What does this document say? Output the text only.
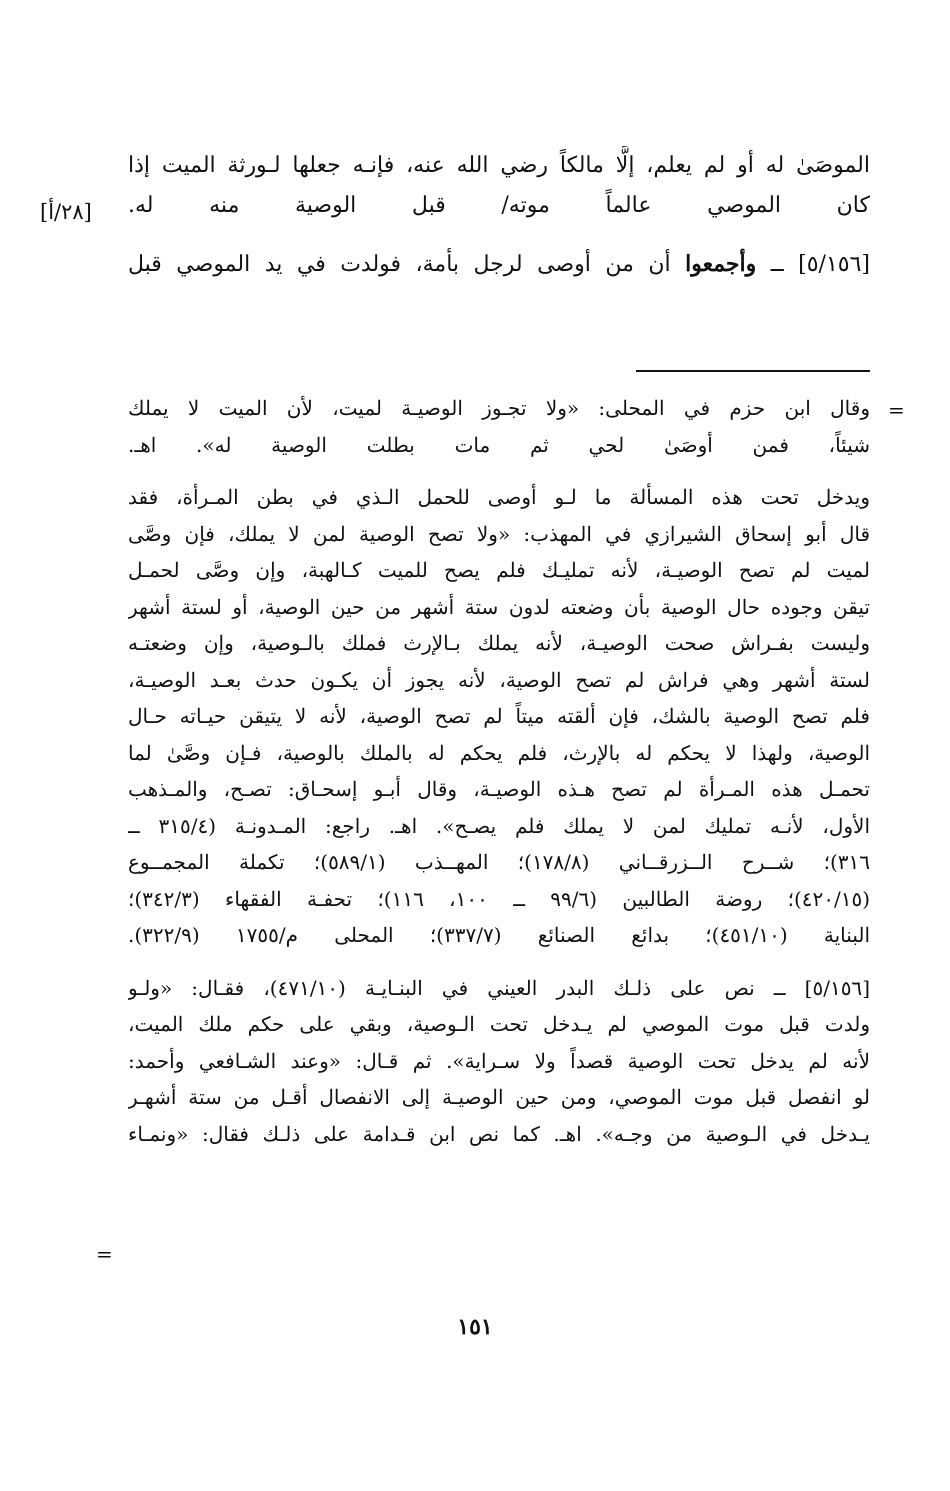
[٢٨/أ]
الموصَىٰ له أو لم يعلم، إلَّا مالكاً رضي الله عنه، فإنـه جعلها لـورثة الميت إذا
كان الموصي عالماً موته/ قبل الوصية منه له.
[٥/١٥٦] ــ وأجمعوا أن من أوصى لرجل بأمة، فولدت في يد الموصي قبل
=
وقال ابن حزم في المحلى: «ولا تجـوز الوصيـة لميت، لأن الميت لا يملك
شيئاً، فمن أوصَىٰ لحي ثم مات بطلت الوصية له». اهـ.
ويدخل تحت هذه المسألة ما لـو أوصى للحمل الـذي في بطن المـرأة، فقد
قال أبو إسحاق الشيرازي في المهذب: «ولا تصح الوصية لمن لا يملك، فإن وصَّى
لميت لم تصح الوصيـة، لأنه تمليـك فلم يصح للميت كـالهبة، وإن وصَّى لحمـل
تيقن وجوده حال الوصية بأن وضعته لدون ستة أشهر من حين الوصية، أو لستة أشهر
وليست بفـراش صحت الوصيـة، لأنه يملك بـالإرث فملك بالـوصية، وإن وضعتـه
لستة أشهر وهي فراش لم تصح الوصية، لأنه يجوز أن يكـون حدث بعـد الوصيـة،
فلم تصح الوصية بالشك، فإن ألقته ميتاً لم تصح الوصية، لأنه لا يتيقن حيـاته حـال
الوصية، ولهذا لا يحكم له بالإرث، فلم يحكم له بالملك بالوصية، فـإن وصَّىٰ لما
تحمـل هذه المـرأة لم تصح هـذه الوصيـة، وقال أبـو إسحـاق: تصـح، والمـذهب
الأول، لأنـه تمليك لمن لا يملك فلم يصـح». اهـ. راجع: المـدونـة (٣١٥/٤ ــ
٣١٦)؛ شــرح الــزرقــاني (١٧٨/٨)؛ المهــذب (٥٨٩/١)؛ تكملة المجمــوع
(٤٢٠/١٥)؛ روضة الطالبين (٩٩/٦ ــ ١٠٠، ١١٦)؛ تحفـة الفقهاء (٣٤٢/٣)؛
البناية (٤٥١/١٠)؛ بدائع الصنائع (٣٣٧/٧)؛ المحلى م/١٧٥٥ (٣٢٢/٩).
[٥/١٥٦] ــ نص على ذلـك البدر العيني في البنـايـة (٤٧١/١٠)، فقـال: «ولـو
ولدت قبل موت الموصي لم يـدخل تحت الـوصية، وبقي على حكم ملك الميت،
لأنه لم يدخل تحت الوصية قصداً ولا سـراية». ثم قـال: «وعند الشـافعي وأحمد:
لو انفصل قبل موت الموصي، ومن حين الوصيـة إلى الانفصال أقـل من ستة أشهـر
يـدخل في الـوصية من وجـه». اهـ. كما نص ابن قـدامة على ذلـك فقال: «ونمـاء
=
١٥١
